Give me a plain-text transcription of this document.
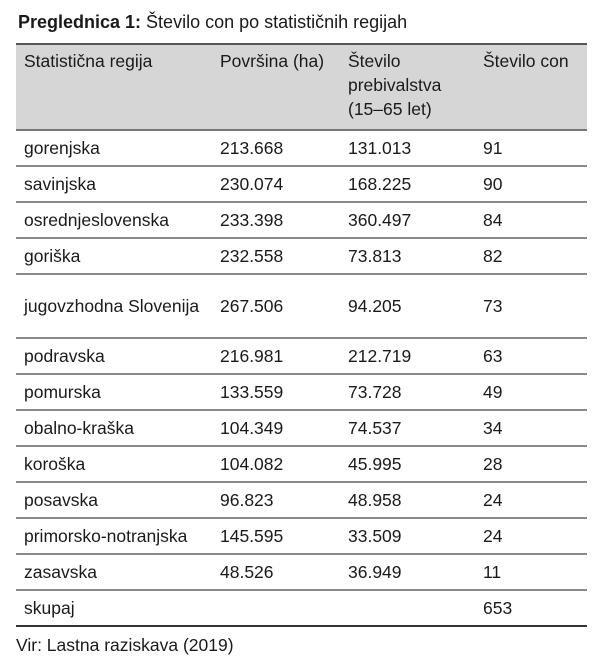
Preglednica 1: Število con po statističnih regijah
Statistična regija	Površina (ha)	Število prebivalstva (15–65 let)	Število con
gorenjska	213.668	131.013	91
savinjska	230.074	168.225	90
osrednjeslovenska	233.398	360.497	84
goriška	232.558	73.813	82
jugovzhodna Slovenija	267.506	94.205	73
podravska	216.981	212.719	63
pomurska	133.559	73.728	49
obalno-kraška	104.349	74.537	34
koroška	104.082	45.995	28
posavska	96.823	48.958	24
primorsko-notranjska	145.595	33.509	24
zasavska	48.526	36.949	11
skupaj			653
Vir: Lastna raziskava (2019)
